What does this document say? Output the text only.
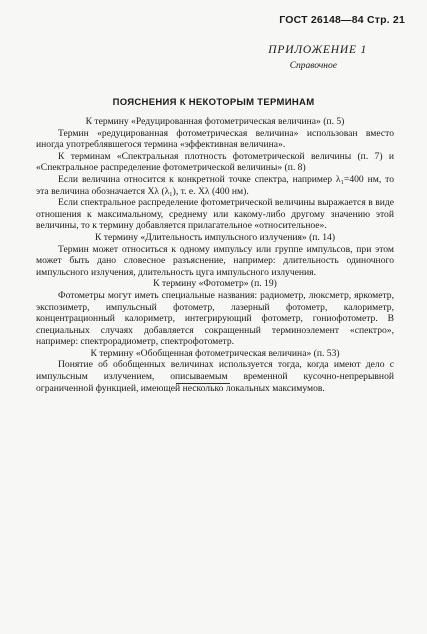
ГОСТ 26148—84 Стр. 21
ПРИЛОЖЕНИЕ 1
Справочное
ПОЯСНЕНИЯ К НЕКОТОРЫМ ТЕРМИНАМ

К термину «Редуцированная фотометрическая величина» (п. 5)

Термин «редуцированная фотометрическая величина» использован вместо иногда употреблявшегося термина «эффективная величина».

К терминам «Спектральная плотность фотометрической величины (п. 7) и «Спектральное распределение фотометрической величины» (п. 8)

Если величина относится к конкретной точке спектра, например λ₁=400 нм, то эта величина обозначается Xλ (λ₁), т. е. Xλ (400 нм).

Если спектральное распределение фотометрической величины выражается в виде отношения к максимальному, среднему или какому-либо другому значению этой величины, то к термину добавляется прилагательное «относительное».

К термину «Длительность импульсного излучения» (п. 14)

Термин может относиться к одному импульсу или группе импульсов, при этом может быть дано словесное разъяснение, например: длительность одиночного импульсного излучения, длительность цуга импульсного излучения.

К термину «Фотометр» (п. 19)

Фотометры могут иметь специальные названия: радиометр, люксметр, яркометр, экспозиметр, импульсный фотометр, лазерный фотометр, калориметр, концентрационный калориметр, интегрирующий фотометр, гониофотометр. В специальных случаях добавляется сокращенный терминоэлемент «спектро», например: спектрорадиометр, спектрофотометр.

К термину «Обобщенная фотометрическая величина» (п. 53)

Понятие об обобщенных величинах используется тогда, когда имеют дело с импульсным излучением, описываемым временной кусочно-непрерывной ограниченной функцией, имеющей несколько локальных максимумов.
